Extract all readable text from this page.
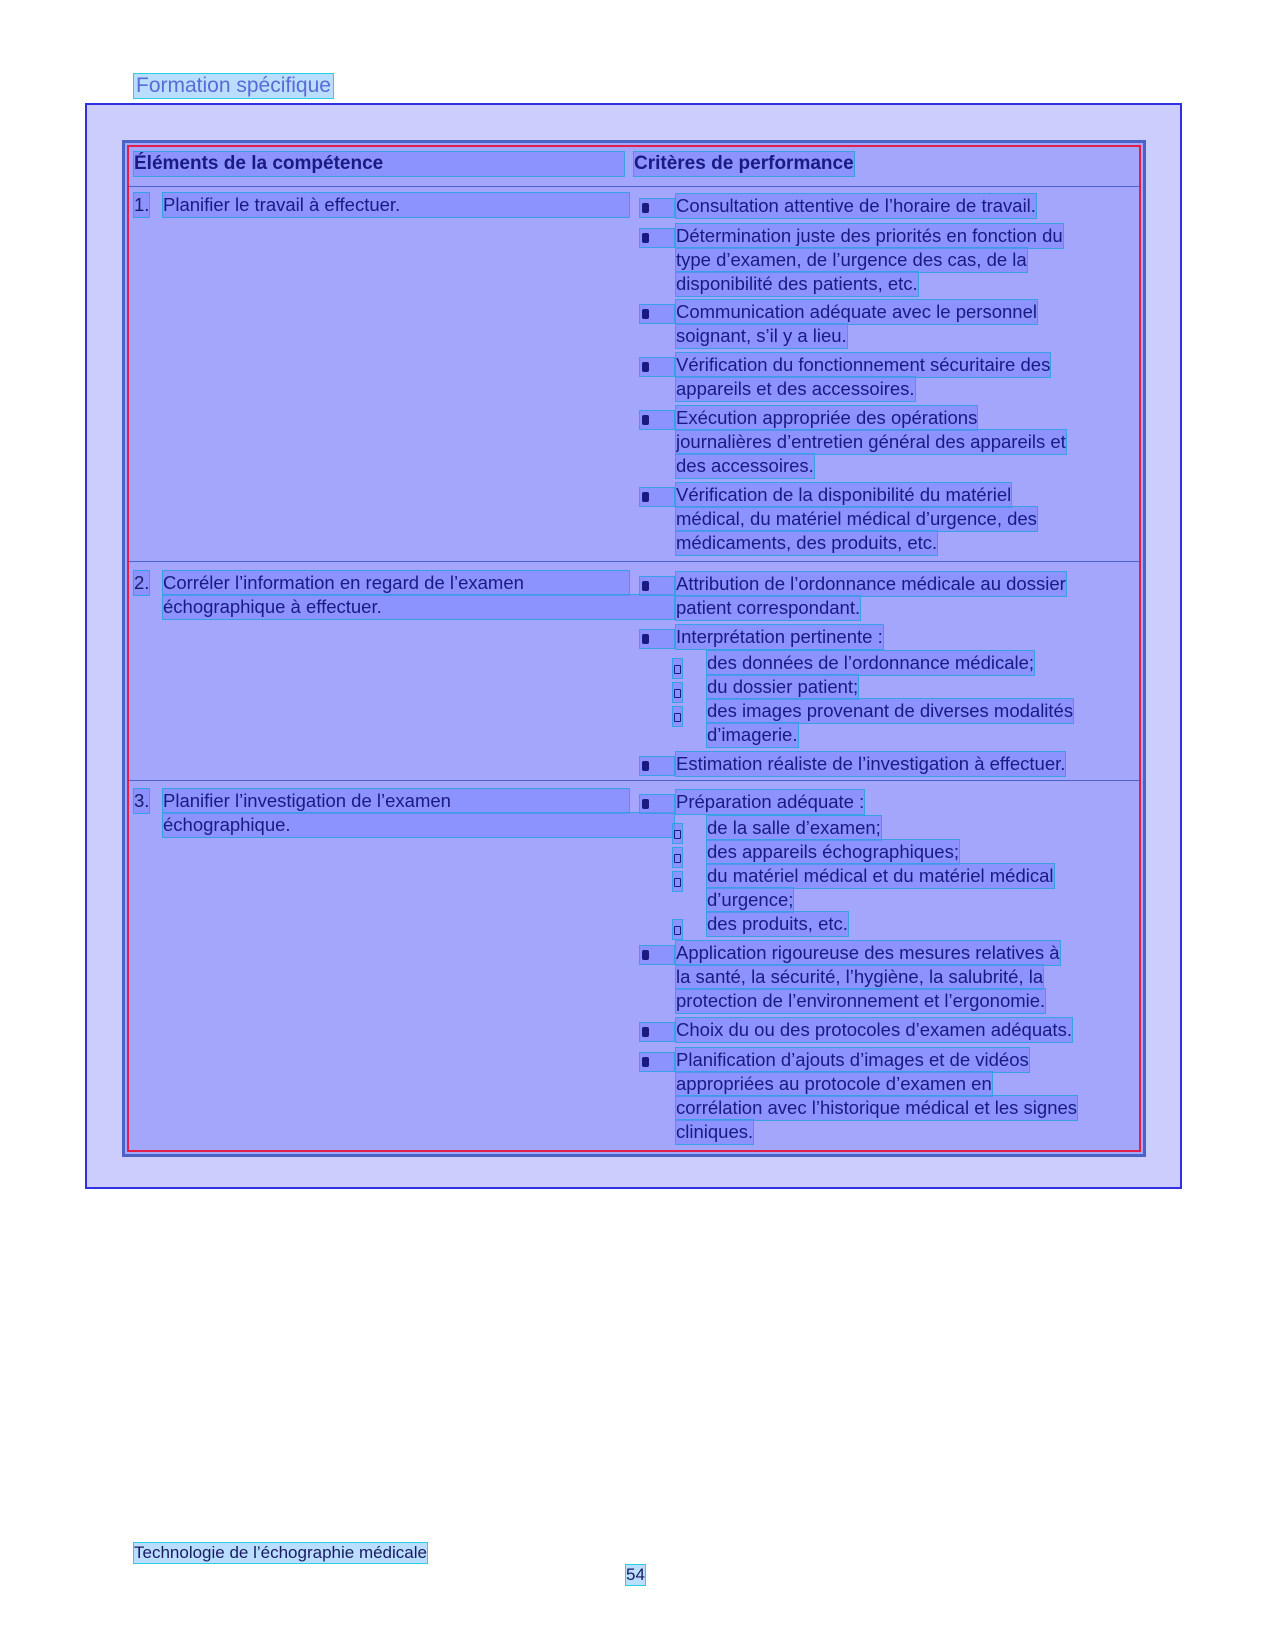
Formation spécifique
Éléments de la compétence	Critères de performance
1. Planifier le travail à effectuer.	Consultation attentive de l’horaire de travail.
Détermination juste des priorités en fonction du
type d’examen, de l’urgence des cas, de la
disponibilité des patients, etc.
Communication adéquate avec le personnel
soignant, s’il y a lieu.
Vérification du fonctionnement sécuritaire des
appareils et des accessoires.
Exécution appropriée des opérations
journalières d’entretien général des appareils et
des accessoires.
Vérification de la disponibilité du matériel
médical, du matériel médical d’urgence, des
médicaments, des produits, etc.
2. Corréler l’information en regard de l’examen
échographique à effectuer.
Attribution de l’ordonnance médicale au dossier
patient correspondant.
Interprétation pertinente :
des données de l’ordonnance médicale;
du dossier patient;
des images provenant de diverses modalités
d’imagerie.
Estimation réaliste de l’investigation à effectuer.
3. Planifier l’investigation de l’examen
échographique.
Préparation adéquate :
de la salle d’examen;
des appareils échographiques;
du matériel médical et du matériel médical
d’urgence;
des produits, etc.
Application rigoureuse des mesures relatives à
la santé, la sécurité, l’hygiène, la salubrité, la
protection de l’environnement et l’ergonomie.
Choix du ou des protocoles d’examen adéquats.
Planification d’ajouts d’images et de vidéos
appropriées au protocole d’examen en
corrélation avec l’historique médical et les signes
cliniques.
Technologie de l’échographie médicale
54
